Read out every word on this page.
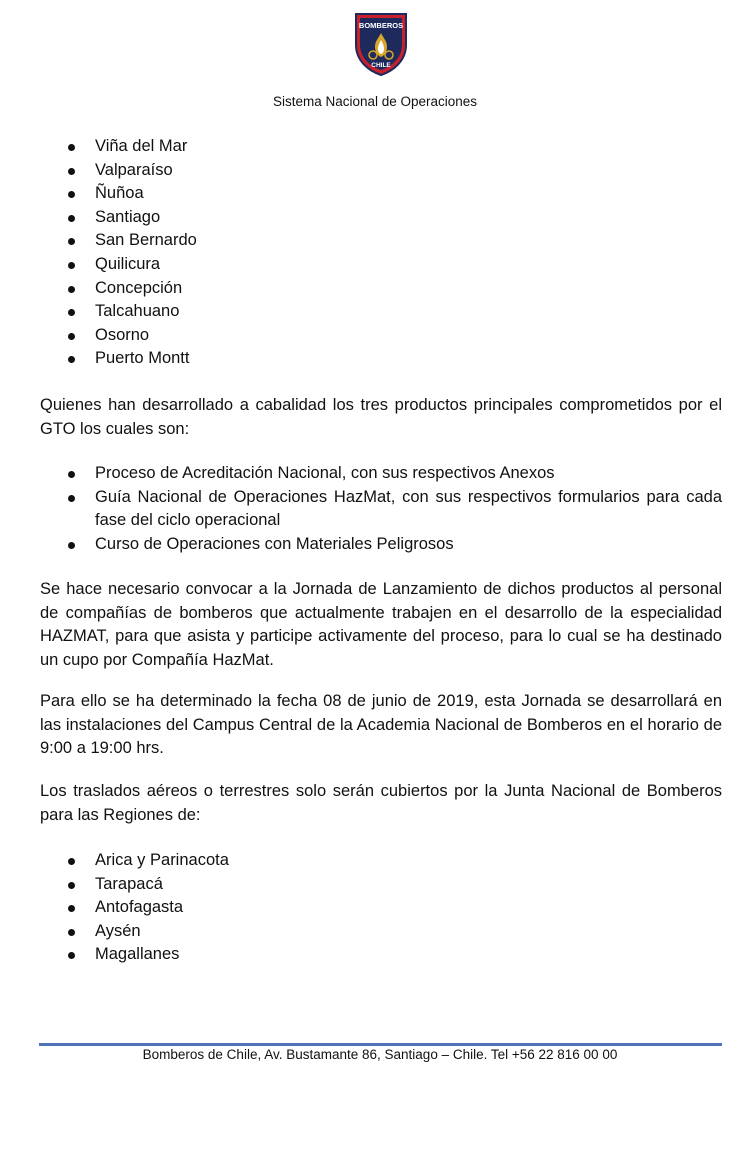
BOMBEROS
CHILE
Sistema Nacional de Operaciones
Viña del Mar
Valparaíso
Ñuñoa
Santiago
San Bernardo
Quilicura
Concepción
Talcahuano
Osorno
Puerto Montt

Quienes han desarrollado a cabalidad los tres productos principales comprometidos por el GTO los cuales son:

Proceso de Acreditación Nacional, con sus respectivos Anexos
Guía Nacional de Operaciones HazMat, con sus respectivos formularios para cada fase del ciclo operacional
Curso de Operaciones con Materiales Peligrosos

Se hace necesario convocar a la Jornada de Lanzamiento de dichos productos al personal de compañías de bomberos que actualmente trabajen en el desarrollo de la especialidad HAZMAT, para que asista y participe activamente del proceso, para lo cual se ha destinado un cupo por Compañía HazMat.

Para ello se ha determinado la fecha 08 de junio de 2019, esta Jornada se desarrollará en las instalaciones del Campus Central de la Academia Nacional de Bomberos en el horario de 9:00 a 19:00 hrs.

Los traslados aéreos o terrestres solo serán cubiertos por la Junta Nacional de Bomberos para las Regiones de:

Arica y Parinacota
Tarapacá
Antofagasta
Aysén
Magallanes
Bomberos de Chile, Av. Bustamante 86, Santiago – Chile. Tel +56 22 816 00 00
